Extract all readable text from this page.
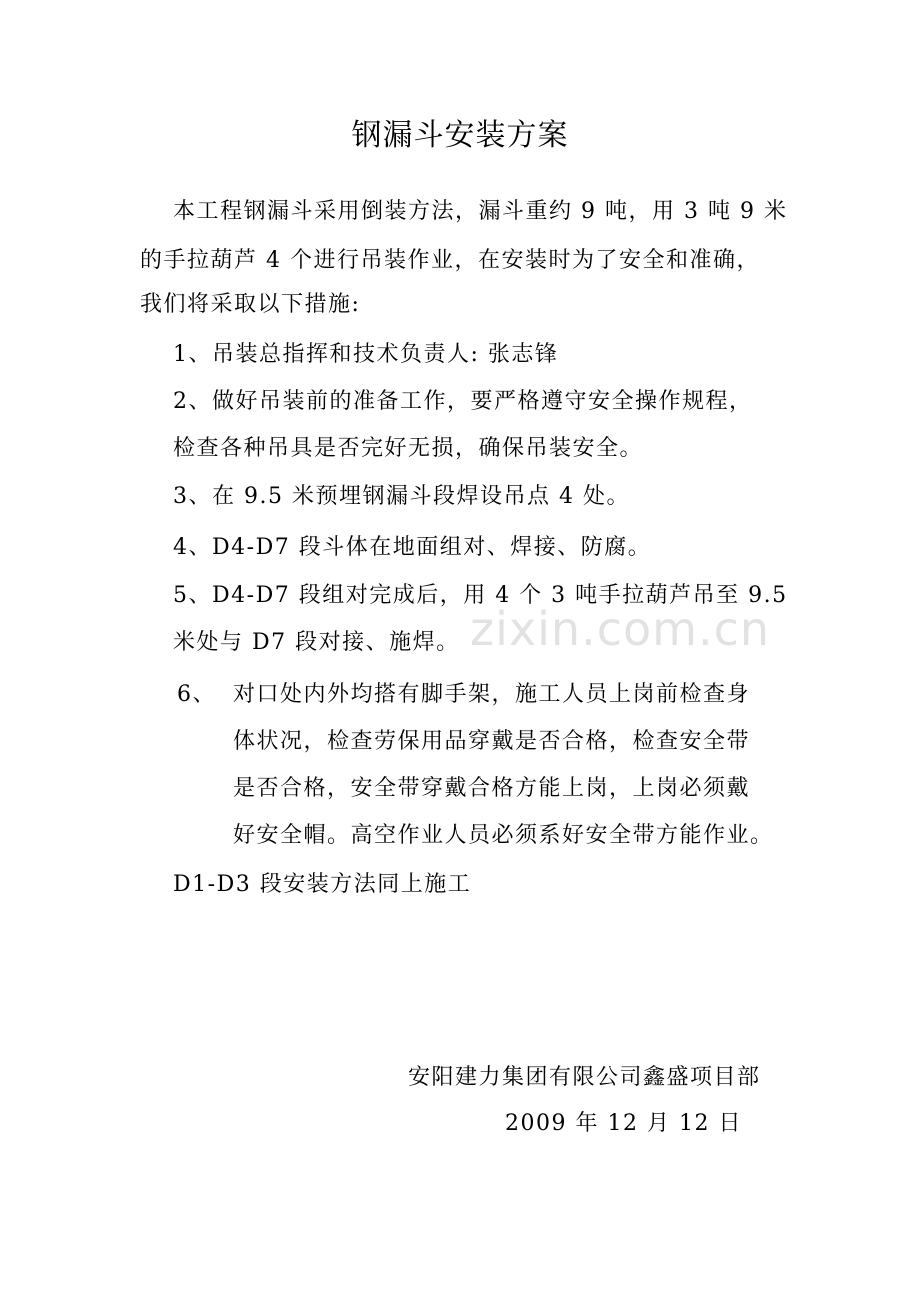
钢漏斗安装方案
本工程钢漏斗采用倒装方法，漏斗重约 9 吨，用 3 吨 9 米
的手拉葫芦 4 个进行吊装作业，在安装时为了安全和准确，
我们将采取以下措施:
1、吊装总指挥和技术负责人: 张志锋
2、做好吊装前的准备工作，要严格遵守安全操作规程，
检查各种吊具是否完好无损，确保吊装安全。
3、在 9.5 米预埋钢漏斗段焊设吊点 4 处。
4、D4-D7 段斗体在地面组对、焊接、防腐。
5、D4-D7 段组对完成后，用 4 个 3 吨手拉葫芦吊至 9.5
米处与 D7 段对接、施焊。
6、 对口处内外均搭有脚手架，施工人员上岗前检查身
体状况，检查劳保用品穿戴是否合格，检查安全带
是否合格，安全带穿戴合格方能上岗，上岗必须戴
好安全帽。高空作业人员必须系好安全带方能作业。
D1-D3 段安装方法同上施工
安阳建力集团有限公司鑫盛项目部
2009 年 12 月 12 日
zixin.com.cn
